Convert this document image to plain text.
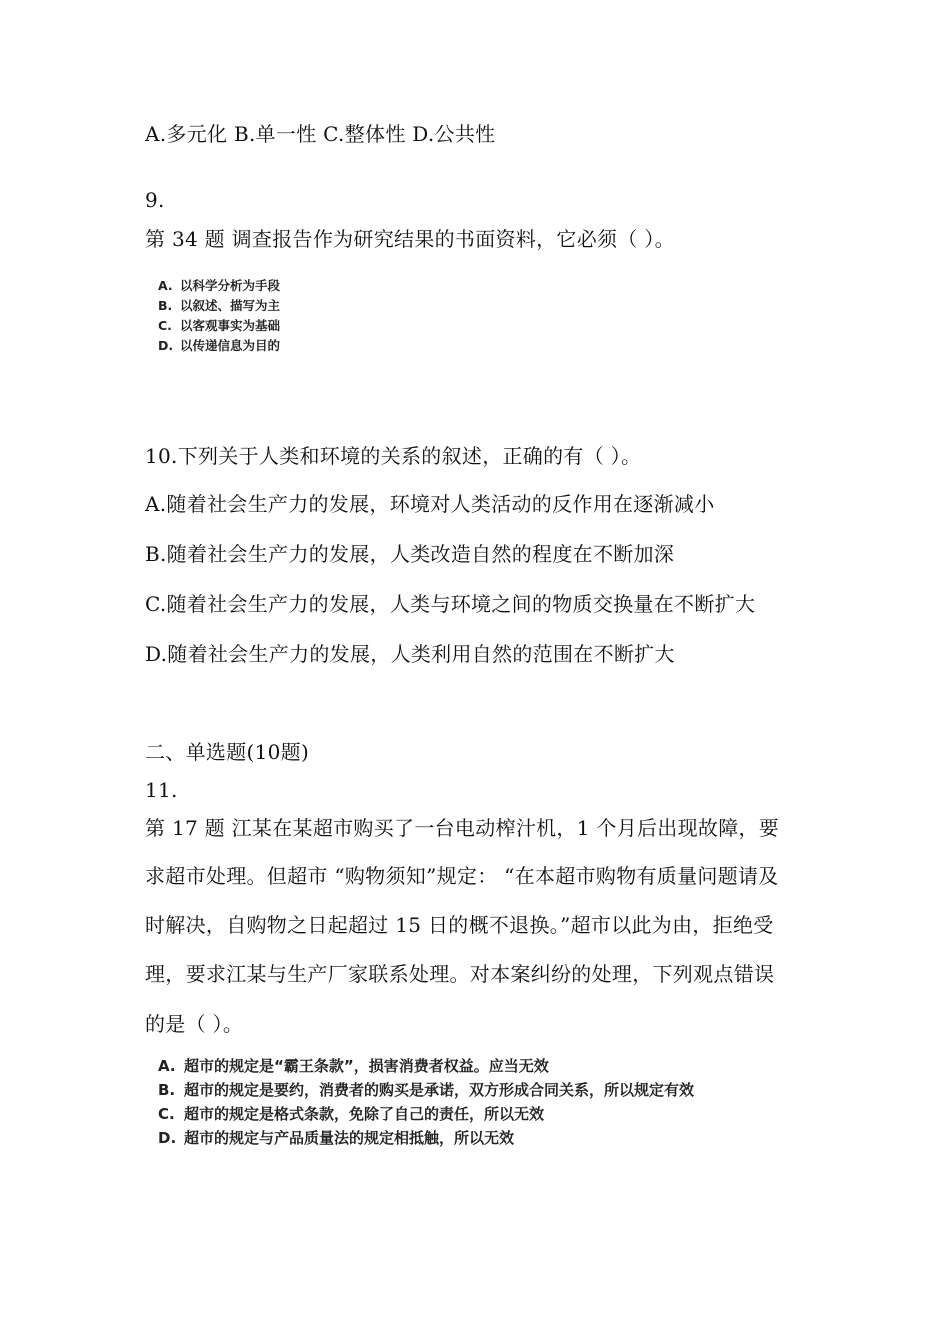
A.多元化 B.单一性 C.整体性 D.公共性
9.
第 34 题 调查报告作为研究结果的书面资料，它必须（ ）。
A. 以科学分析为手段
B. 以叙述、描写为主
C. 以客观事实为基础
D. 以传递信息为目的
10.下列关于人类和环境的关系的叙述，正确的有（ ）。
A.随着社会生产力的发展，环境对人类活动的反作用在逐渐减小
B.随着社会生产力的发展，人类改造自然的程度在不断加深
C.随着社会生产力的发展，人类与环境之间的物质交换量在不断扩大
D.随着社会生产力的发展，人类利用自然的范围在不断扩大
二、单选题(10题)
11.
第 17 题 江某在某超市购买了一台电动榨汁机，1 个月后出现故障，要
求超市处理。但超市 “购物须知”规定： “在本超市购物有质量问题请及
时解决，自购物之日起超过 15 日的概不退换。”超市以此为由，拒绝受
理，要求江某与生产厂家联系处理。对本案纠纷的处理，下列观点错误
的是（ ）。
A. 超市的规定是“霸王条款”，损害消费者权益。应当无效
B. 超市的规定是要约，消费者的购买是承诺，双方形成合同关系，所以规定有效
C. 超市的规定是格式条款，免除了自己的责任，所以无效
D. 超市的规定与产品质量法的规定相抵触，所以无效
